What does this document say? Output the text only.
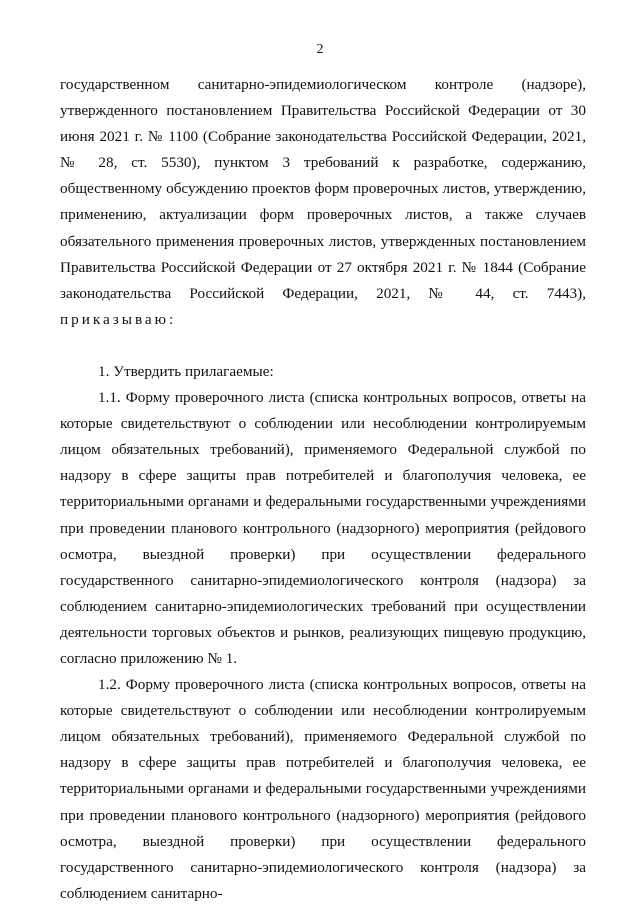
2

государственном санитарно-эпидемиологическом контроле (надзоре), утвержденного постановлением Правительства Российской Федерации от 30 июня 2021 г. № 1100 (Собрание законодательства Российской Федерации, 2021, № 28, ст. 5530), пунктом 3 требований к разработке, содержанию, общественному обсуждению проектов форм проверочных листов, утверждению, применению, актуализации форм проверочных листов, а также случаев обязательного применения проверочных листов, утвержденных постановлением Правительства Российской Федерации от 27 октября 2021 г. № 1844 (Собрание законодательства Российской Федерации, 2021, № 44, ст. 7443), приказываю:

1. Утвердить прилагаемые:

1.1. Форму проверочного листа (списка контрольных вопросов, ответы на которые свидетельствуют о соблюдении или несоблюдении контролируемым лицом обязательных требований), применяемого Федеральной службой по надзору в сфере защиты прав потребителей и благополучия человека, ее территориальными органами и федеральными государственными учреждениями при проведении планового контрольного (надзорного) мероприятия (рейдового осмотра, выездной проверки) при осуществлении федерального государственного санитарно-эпидемиологического контроля (надзора) за соблюдением санитарно-эпидемиологических требований при осуществлении деятельности торговых объектов и рынков, реализующих пищевую продукцию, согласно приложению № 1.

1.2. Форму проверочного листа (списка контрольных вопросов, ответы на которые свидетельствуют о соблюдении или несоблюдении контролируемым лицом обязательных требований), применяемого Федеральной службой по надзору в сфере защиты прав потребителей и благополучия человека, ее территориальными органами и федеральными государственными учреждениями при проведении планового контрольного (надзорного) мероприятия (рейдового осмотра, выездной проверки) при осуществлении федерального государственного санитарно-эпидемиологического контроля (надзора) за соблюдением санитарно-
